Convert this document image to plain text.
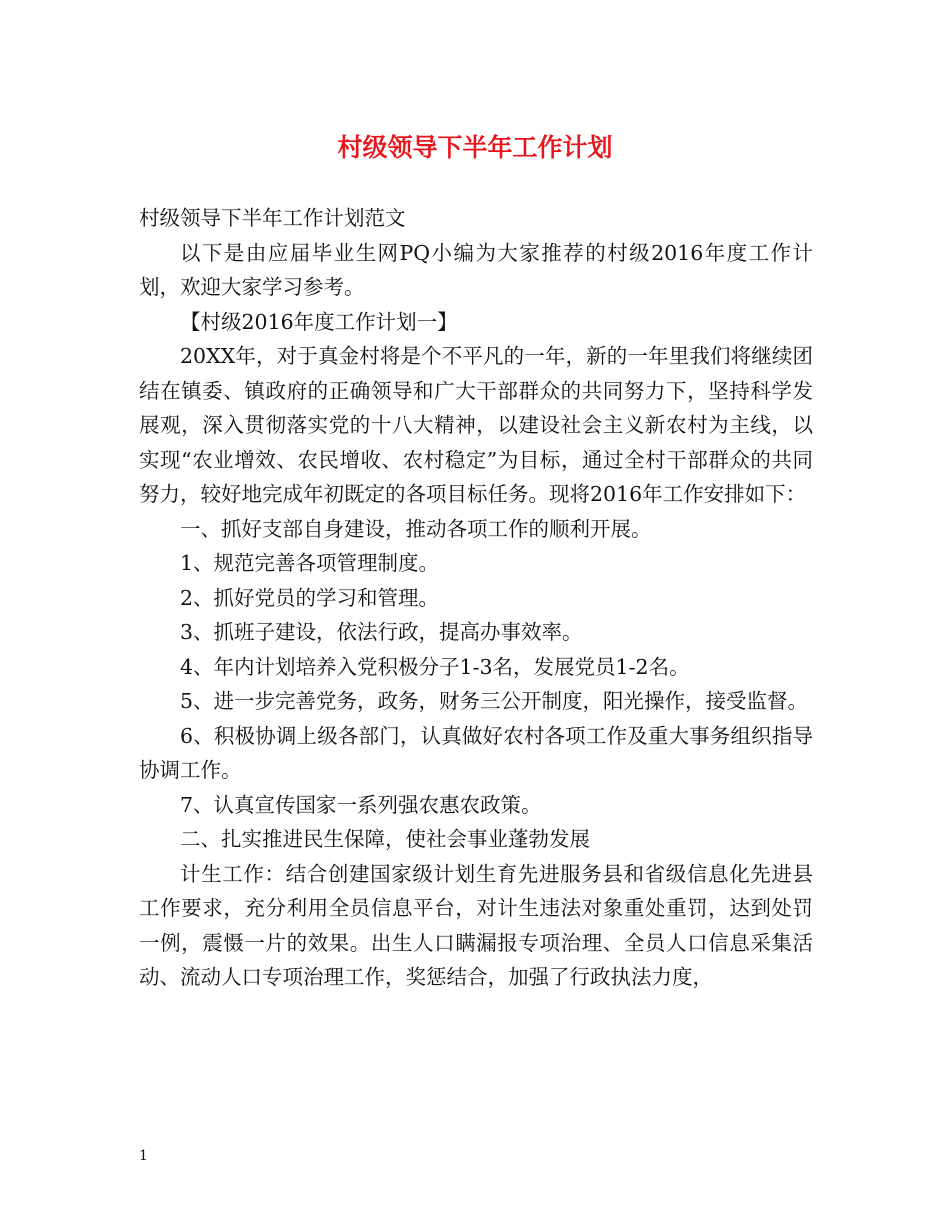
村级领导下半年工作计划

村级领导下半年工作计划范文

以下是由应届毕业生网PQ小编为大家推荐的村级2016年度工作计划，欢迎大家学习参考。

【村级2016年度工作计划一】

20XX年，对于真金村将是个不平凡的一年，新的一年里我们将继续团结在镇委、镇政府的正确领导和广大干部群众的共同努力下，坚持科学发展观，深入贯彻落实党的十八大精神，以建设社会主义新农村为主线，以实现“农业增效、农民增收、农村稳定”为目标，通过全村干部群众的共同努力，较好地完成年初既定的各项目标任务。现将2016年工作安排如下：

一、抓好支部自身建设，推动各项工作的顺利开展。

1、规范完善各项管理制度。

2、抓好党员的学习和管理。

3、抓班子建设，依法行政，提高办事效率。

4、年内计划培养入党积极分子1-3名，发展党员1-2名。

5、进一步完善党务，政务，财务三公开制度，阳光操作，接受监督。

6、积极协调上级各部门，认真做好农村各项工作及重大事务组织指导协调工作。

7、认真宣传国家一系列强农惠农政策。

二、扎实推进民生保障，使社会事业蓬勃发展

计生工作：结合创建国家级计划生育先进服务县和省级信息化先进县工作要求，充分利用全员信息平台，对计生违法对象重处重罚，达到处罚一例，震慑一片的效果。出生人口瞒漏报专项治理、全员人口信息采集活动、流动人口专项治理工作，奖惩结合，加强了行政执法力度，

1
